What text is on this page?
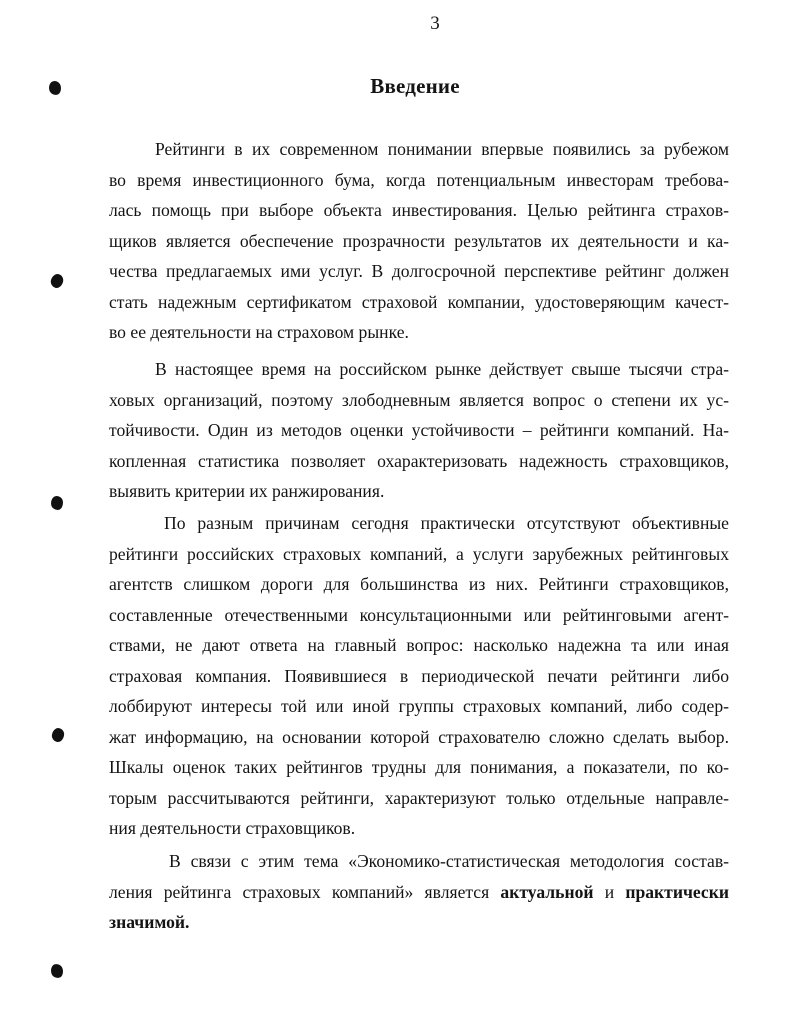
3
Введение
Рейтинги в их современном понимании впервые появились за рубежом
во время инвестиционного бума, когда потенциальным инвесторам требова-
лась помощь при выборе объекта инвестирования. Целью рейтинга страхов-
щиков является обеспечение прозрачности результатов их деятельности и ка-
чества предлагаемых ими услуг. В долгосрочной перспективе рейтинг должен
стать надежным сертификатом страховой компании, удостоверяющим качест-
во ее деятельности на страховом рынке.
В настоящее время на российском рынке действует свыше тысячи стра-
ховых организаций, поэтому злободневным является вопрос о степени их ус-
тойчивости. Один из методов оценки устойчивости – рейтинги компаний. На-
копленная статистика позволяет охарактеризовать надежность страховщиков,
выявить критерии их ранжирования.
По разным причинам сегодня практически отсутствуют объективные
рейтинги российских страховых компаний, а услуги зарубежных рейтинговых
агентств слишком дороги для большинства из них. Рейтинги страховщиков,
составленные отечественными консультационными или рейтинговыми агент-
ствами, не дают ответа на главный вопрос: насколько надежна та или иная
страховая компания. Появившиеся в периодической печати рейтинги либо
лоббируют интересы той или иной группы страховых компаний, либо содер-
жат информацию, на основании которой страхователю сложно сделать выбор.
Шкалы оценок таких рейтингов трудны для понимания, а показатели, по ко-
торым рассчитываются рейтинги, характеризуют только отдельные направле-
ния деятельности страховщиков.
В связи с этим тема «Экономико-статистическая методология состав-
ления рейтинга страховых компаний» является актуальной и практически
значимой.
